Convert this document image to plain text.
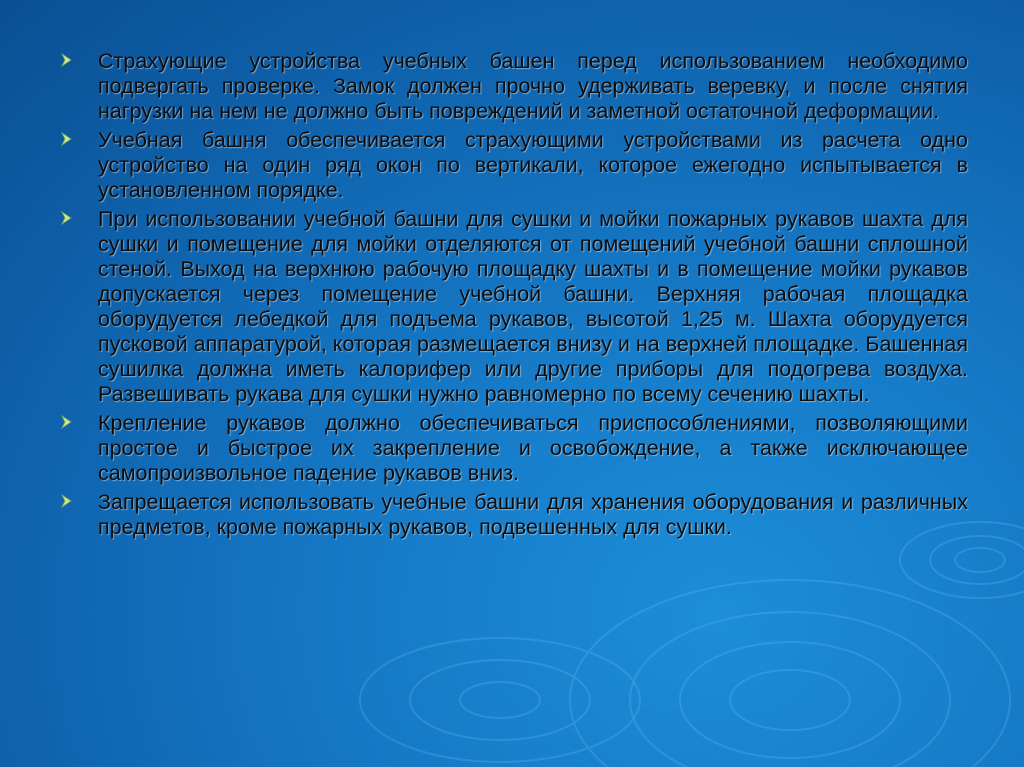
Страхующие устройства учебных башен перед использованием необходимо подвергать проверке. Замок должен прочно удерживать веревку, и после снятия нагрузки на нем не должно быть повреждений и заметной остаточной деформации.
Учебная башня обеспечивается страхующими устройствами из расчета одно устройство на один ряд окон по вертикали, которое ежегодно испытывается в установленном порядке.
При использовании учебной башни для сушки и мойки пожарных рукавов шахта для сушки и помещение для мойки отделяются от помещений учебной башни сплошной стеной. Выход на верхнюю рабочую площадку шахты и в помещение мойки рукавов допускается через помещение учебной башни. Верхняя рабочая площадка оборудуется лебедкой для подъема рукавов, высотой 1,25 м. Шахта оборудуется пусковой аппаратурой, которая размещается внизу и на верхней площадке. Башенная сушилка должна иметь калорифер или другие приборы для подогрева воздуха. Развешивать рукава для сушки нужно равномерно по всему сечению шахты.
Крепление рукавов должно обеспечиваться приспособлениями, позволяющими простое и быстрое их закрепление и освобождение, а также исключающее самопроизвольное падение рукавов вниз.
Запрещается использовать учебные башни для хранения оборудования и различных предметов, кроме пожарных рукавов, подвешенных для сушки.
